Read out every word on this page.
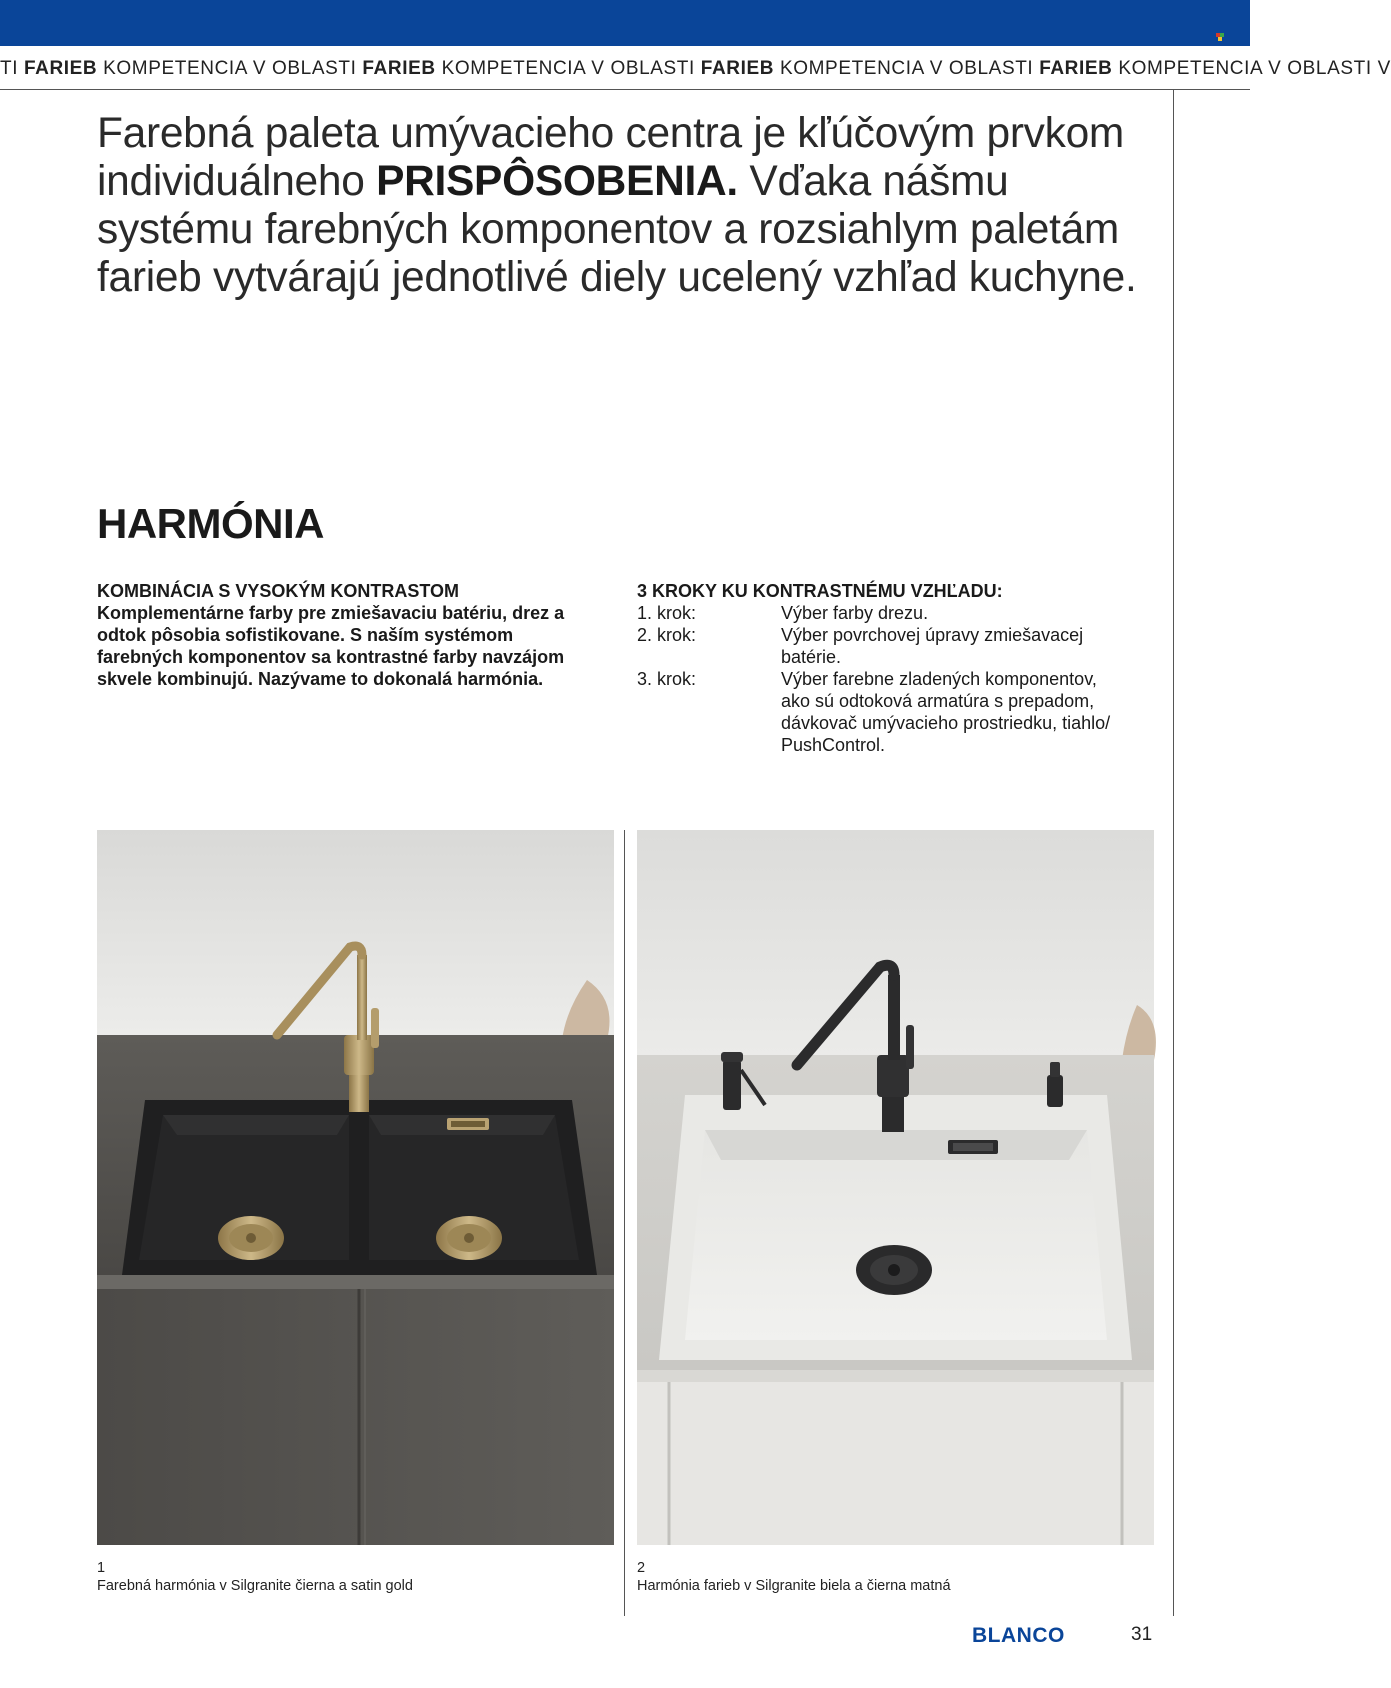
TI FARIEB KOMPETENCIA V OBLASTI FARIEB KOMPETENCIA V OBLASTI FARIEB KOMPETENCIA V OBLASTI FARIEB KOMPETENCIA V OBLASTI V
Farebná paleta umývacieho centra je kľúčovým prvkom
individuálneho PRISPÔSOBENIA. Vďaka nášmu
systému farebných komponentov a rozsiahlym paletám
farieb vytvárajú jednotlivé diely ucelený vzhľad kuchyne.
HARMÓNIA
KOMBINÁCIA S VYSOKÝM KONTRASTOM
Komplementárne farby pre zmiešavaciu batériu, drez a
odtok pôsobia sofistikovane. S naším systémom
farebných komponentov sa kontrastné farby navzájom
skvele kombinujú. Nazývame to dokonalá harmónia.
3 KROKY KU KONTRASTNÉMU VZHĽADU:
1. krok:	Výber farby drezu.
2. krok:	Výber povrchovej úpravy zmiešavacej
batérie.
3. krok:	Výber farebne zladených komponentov,
ako sú odtoková armatúra s prepadom,
dávkovač umývacieho prostriedku, tiahlo/
PushControl.
1
Farebná harmónia v Silgranite čierna a satin gold
2
Harmónia farieb v Silgranite biela a čierna matná
BLANCO	31
